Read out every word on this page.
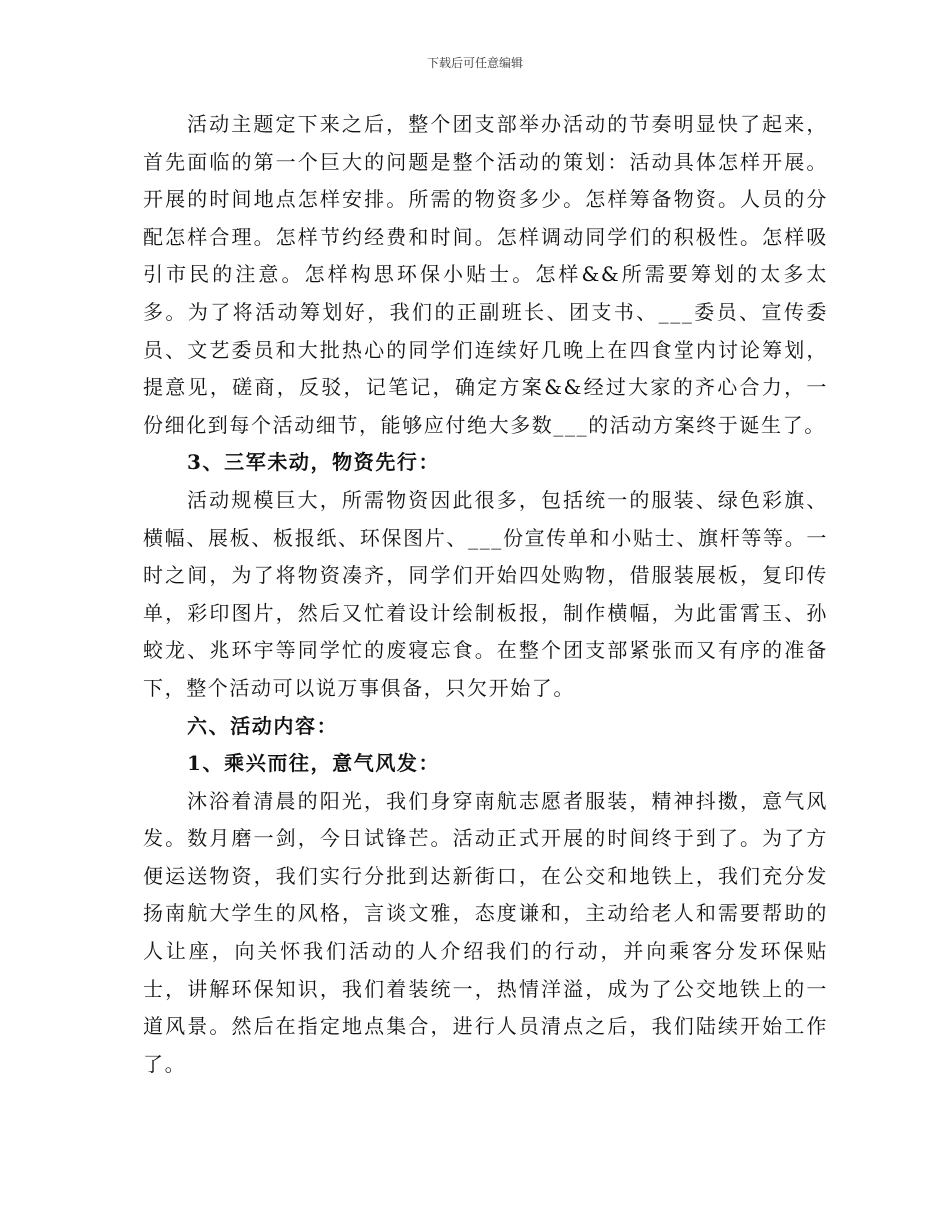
下载后可任意编辑

活动主题定下来之后，整个团支部举办活动的节奏明显快了起来，首先面临的第一个巨大的问题是整个活动的策划：活动具体怎样开展。开展的时间地点怎样安排。所需的物资多少。怎样筹备物资。人员的分配怎样合理。怎样节约经费和时间。怎样调动同学们的积极性。怎样吸引市民的注意。怎样构思环保小贴士。怎样&&所需要筹划的太多太多。为了将活动筹划好，我们的正副班长、团支书、___委员、宣传委员、文艺委员和大批热心的同学们连续好几晚上在四食堂内讨论筹划，提意见，磋商，反驳，记笔记，确定方案&&经过大家的齐心合力，一份细化到每个活动细节，能够应付绝大多数___的活动方案终于诞生了。

3、三军未动，物资先行：

活动规模巨大，所需物资因此很多，包括统一的服装、绿色彩旗、横幅、展板、板报纸、环保图片、___份宣传单和小贴士、旗杆等等。一时之间，为了将物资凑齐，同学们开始四处购物，借服装展板，复印传单，彩印图片，然后又忙着设计绘制板报，制作横幅，为此雷霄玉、孙蛟龙、兆环宇等同学忙的废寝忘食。在整个团支部紧张而又有序的准备下，整个活动可以说万事俱备，只欠开始了。

六、活动内容：

1、乘兴而往，意气风发：

沐浴着清晨的阳光，我们身穿南航志愿者服装，精神抖擞，意气风发。数月磨一剑，今日试锋芒。活动正式开展的时间终于到了。为了方便运送物资，我们实行分批到达新街口，在公交和地铁上，我们充分发扬南航大学生的风格，言谈文雅，态度谦和，主动给老人和需要帮助的人让座，向关怀我们活动的人介绍我们的行动，并向乘客分发环保贴士，讲解环保知识，我们着装统一，热情洋溢，成为了公交地铁上的一道风景。然后在指定地点集合，进行人员清点之后，我们陆续开始工作了。
